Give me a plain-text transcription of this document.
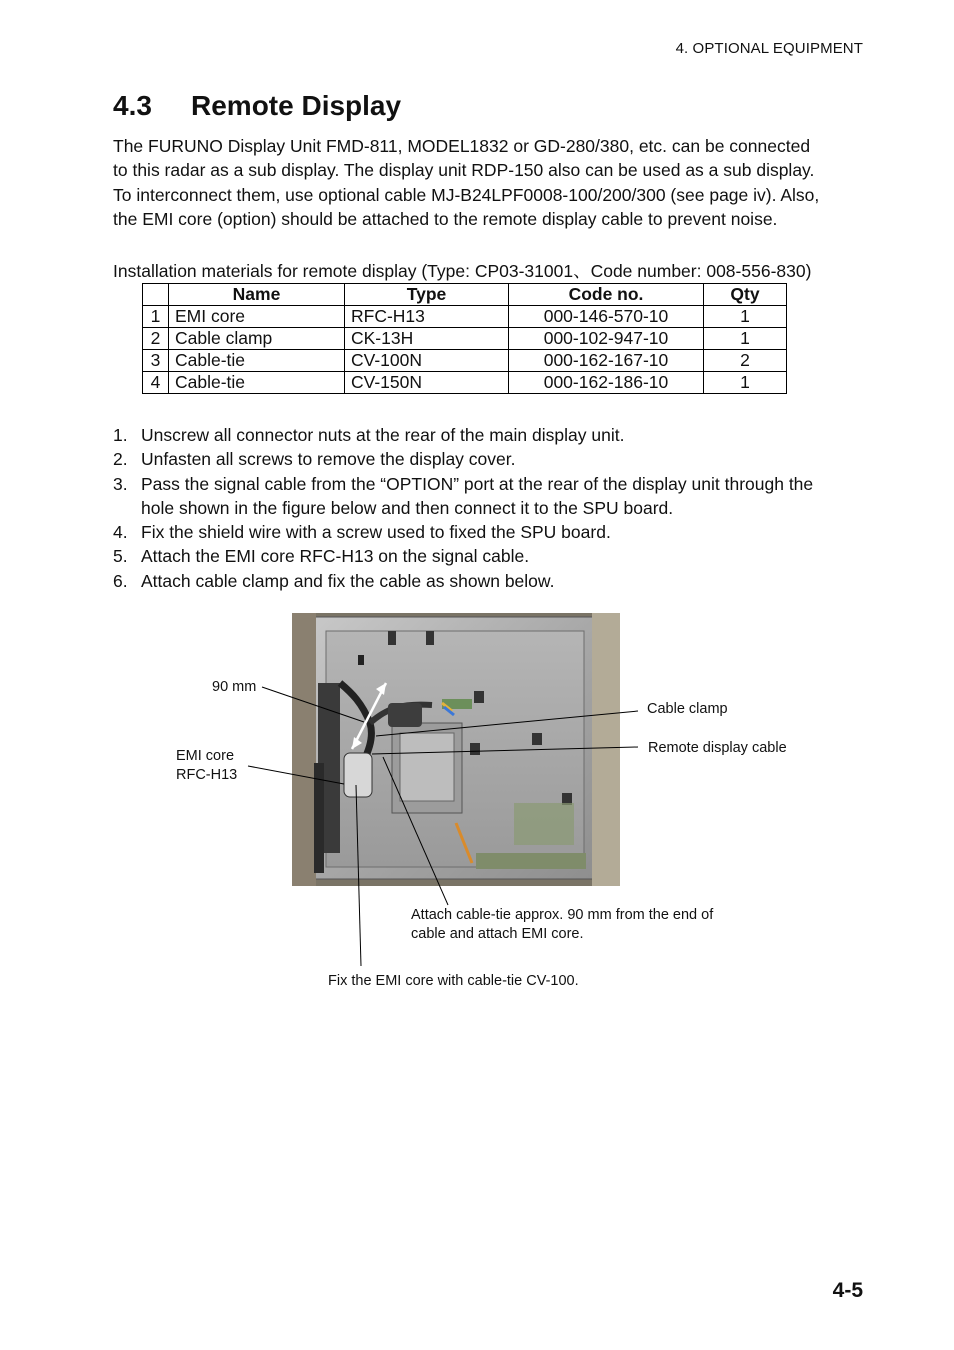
4. OPTIONAL EQUIPMENT
4.3 Remote Display
The FURUNO Display Unit FMD-811, MODEL1832 or GD-280/380, etc. can be connected
to this radar as a sub display. The display unit RDP-150 also can be used as a sub display.
To interconnect them, use optional cable MJ-B24LPF0008-100/200/300 (see page iv). Also,
the EMI core (option) should be attached to the remote display cable to prevent noise.
Installation materials for remote display (Type: CP03-31001、Code number: 008-556-830)
	Name	Type	Code no.	Qty
1	EMI core	RFC-H13	000-146-570-10	1
2	Cable clamp	CK-13H	000-102-947-10	1
3	Cable-tie	CV-100N	000-162-167-10	2
4	Cable-tie	CV-150N	000-162-186-10	1
1. Unscrew all connector nuts at the rear of the main display unit.
2. Unfasten all screws to remove the display cover.
3. Pass the signal cable from the “OPTION” port at the rear of the display unit through the
hole shown in the figure below and then connect it to the SPU board.
4. Fix the shield wire with a screw used to fixed the SPU board.
5. Attach the EMI core RFC-H13 on the signal cable.
6. Attach cable clamp and fix the cable as shown below.
90 mm
EMI core
RFC-H13
Cable clamp
Remote display cable
Attach cable-tie approx. 90 mm from the end of
cable and attach EMI core.
Fix the EMI core with cable-tie CV-100.
4-5
